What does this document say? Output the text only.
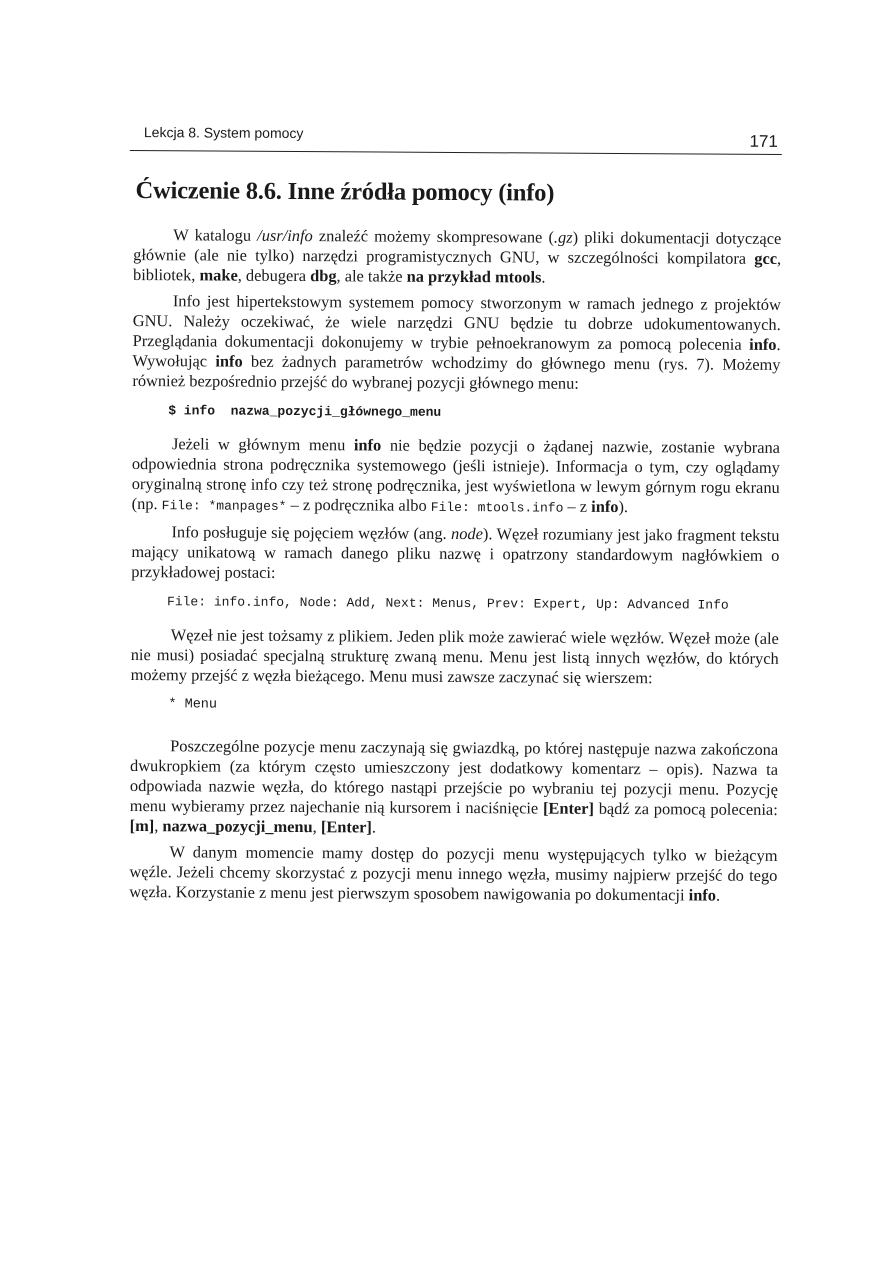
Lekcja 8. System pomocy	171
Ćwiczenie 8.6. Inne źródła pomocy (info)

W katalogu /usr/info znaleźć możemy skompresowane (.gz) pliki dokumentacji dotyczące głównie (ale nie tylko) narzędzi programistycznych GNU, w szczególności kompilatora gcc, bibliotek, make, debugera dbg, ale także na przykład mtools.

Info jest hipertekstowym systemem pomocy stworzonym w ramach jednego z projektów GNU. Należy oczekiwać, że wiele narzędzi GNU będzie tu dobrze udokumentowanych. Przeglądania dokumentacji dokonujemy w trybie pełnoekranowym za pomocą polecenia info. Wywołując info bez żadnych parametrów wchodzimy do głównego menu (rys. 7). Możemy również bezpośrednio przejść do wybranej pozycji głównego menu:

$ info  nazwa_pozycji_głównego_menu

Jeżeli w głównym menu info nie będzie pozycji o żądanej nazwie, zostanie wybrana odpowiednia strona podręcznika systemowego (jeśli istnieje). Informacja o tym, czy oglądamy oryginalną stronę info czy też stronę podręcznika, jest wyświetlona w lewym górnym rogu ekranu (np. File: *manpages* – z podręcznika albo File: mtools.info – z info).

Info posługuje się pojęciem węzłów (ang. node). Węzeł rozumiany jest jako fragment tekstu mający unikatową w ramach danego pliku nazwę i opatrzony standardowym nagłówkiem o przykładowej postaci:

File: info.info, Node: Add, Next: Menus, Prev: Expert, Up: Advanced Info

Węzeł nie jest tożsamy z plikiem. Jeden plik może zawierać wiele węzłów. Węzeł może (ale nie musi) posiadać specjalną strukturę zwaną menu. Menu jest listą innych węzłów, do których możemy przejść z węzła bieżącego. Menu musi zawsze zaczynać się wierszem:

* Menu

Poszczególne pozycje menu zaczynają się gwiazdką, po której następuje nazwa zakończona dwukropkiem (za którym często umieszczony jest dodatkowy komentarz – opis). Nazwa ta odpowiada nazwie węzła, do którego nastąpi przejście po wybraniu tej pozycji menu. Pozycję menu wybieramy przez najechanie nią kursorem i naciśnięcie [Enter] bądź za pomocą polecenia: [m], nazwa_pozycji_menu, [Enter].

W danym momencie mamy dostęp do pozycji menu występujących tylko w bieżącym węźle. Jeżeli chcemy skorzystać z pozycji menu innego węzła, musimy najpierw przejść do tego węzła. Korzystanie z menu jest pierwszym sposobem nawigowania po dokumentacji info.
